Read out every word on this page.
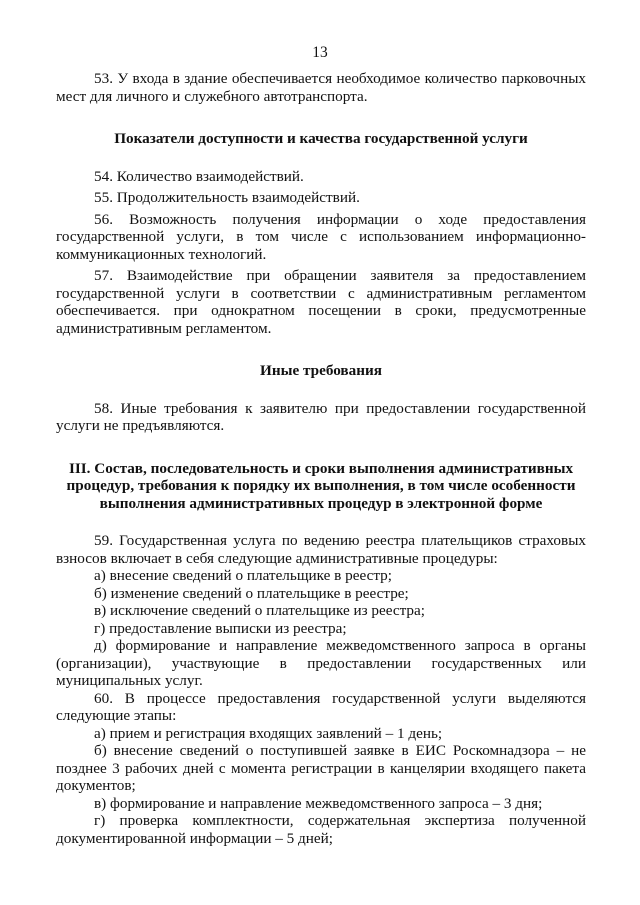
13

53. У входа в здание обеспечивается необходимое количество парковочных мест для личного и служебного автотранспорта.

Показатели доступности и качества государственной услуги

54. Количество взаимодействий.

55. Продолжительность взаимодействий.

56. Возможность получения информации о ходе предоставления государственной услуги, в том числе с использованием информационно-коммуникационных технологий.

57. Взаимодействие при обращении заявителя за предоставлением государственной услуги в соответствии с административным регламентом обеспечивается. при однократном посещении в сроки, предусмотренные административным регламентом.

Иные требования

58. Иные требования к заявителю при предоставлении государственной услуги не предъявляются.

III. Состав, последовательность и сроки выполнения административных процедур, требования к порядку их выполнения, в том числе особенности выполнения административных процедур в электронной форме

59. Государственная услуга по ведению реестра плательщиков страховых взносов включает в себя следующие административные процедуры:

а) внесение сведений о плательщике в реестр;

б) изменение сведений о плательщике в реестре;

в) исключение сведений о плательщике из реестра;

г) предоставление выписки из реестра;

д) формирование и направление межведомственного запроса в органы (организации), участвующие в предоставлении государственных или муниципальных услуг.

60. В процессе предоставления государственной услуги выделяются следующие этапы:

а) прием и регистрация входящих заявлений – 1 день;

б) внесение сведений о поступившей заявке в ЕИС Роскомнадзора – не позднее 3 рабочих дней с момента регистрации в канцелярии входящего пакета документов;

в) формирование и направление межведомственного запроса – 3 дня;

г) проверка комплектности, содержательная экспертиза полученной документированной информации – 5 дней;
